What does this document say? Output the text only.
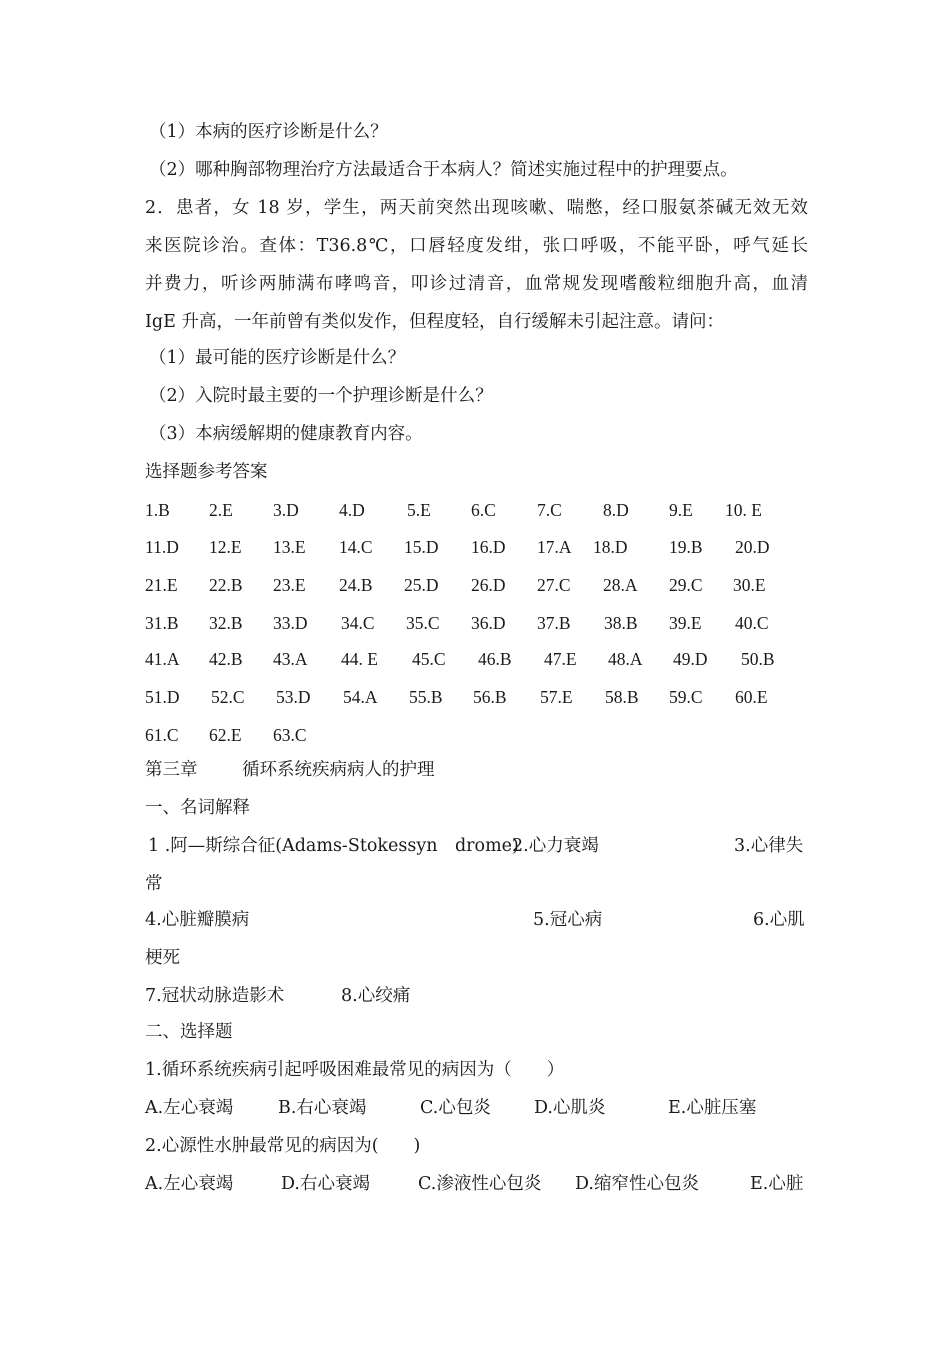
（1）本病的医疗诊断是什么？
（2）哪种胸部物理治疗方法最适合于本病人？简述实施过程中的护理要点。
2．患者，女 18 岁，学生，两天前突然出现咳嗽、喘憋，经口服氨茶碱无效无效
来医院诊治。查体：T36.8℃，口唇轻度发绀，张口呼吸，不能平卧，呼气延长
并费力，听诊两肺满布哮鸣音，叩诊过清音，血常规发现嗜酸粒细胞升高，血清
IgE 升高，一年前曾有类似发作，但程度轻，自行缓解未引起注意。请问：
（1）最可能的医疗诊断是什么？
（2）入院时最主要的一个护理诊断是什么？
（3）本病缓解期的健康教育内容。
选择题参考答案
1.B 2.E 3.D 4.D 5.E 6.C 7.C 8.D 9.E 10. E
11.D 12.E 13.E 14.C 15.D 16.D 17.A 18.D 19.B 20.D
21.E 22.B 23.E 24.B 25.D 26.D 27.C 28.A 29.C 30.E
31.B 32.B 33.D 34.C 35.C 36.D 37.B 38.B 39.E 40.C
41.A 42.B 43.A 44. E 45.C 46.B 47.E 48.A 49.D 50.B
51.D 52.C 53.D 54.A 55.B 56.B 57.E 58.B 59.C 60.E
61.C 62.E 63.C
第三章	循环系统疾病病人的护理
一、名词解释
1 .阿—斯综合征(Adams-Stokessyn　drome)
2.心力衰竭	3.心律失
常
4.心脏瓣膜病	5.冠心病	6.心肌
梗死
7.冠状动脉造影术	8.心绞痛
二、选择题
1.循环系统疾病引起呼吸困难最常见的病因为（　　）
A.左心衰竭	B.右心衰竭	C.心包炎 D.心肌炎	E.心脏压塞
2.心源性水肿最常见的病因为(　　)
A.左心衰竭	D.右心衰竭	C.渗液性心包炎 D.缩窄性心包炎	E.心脏
